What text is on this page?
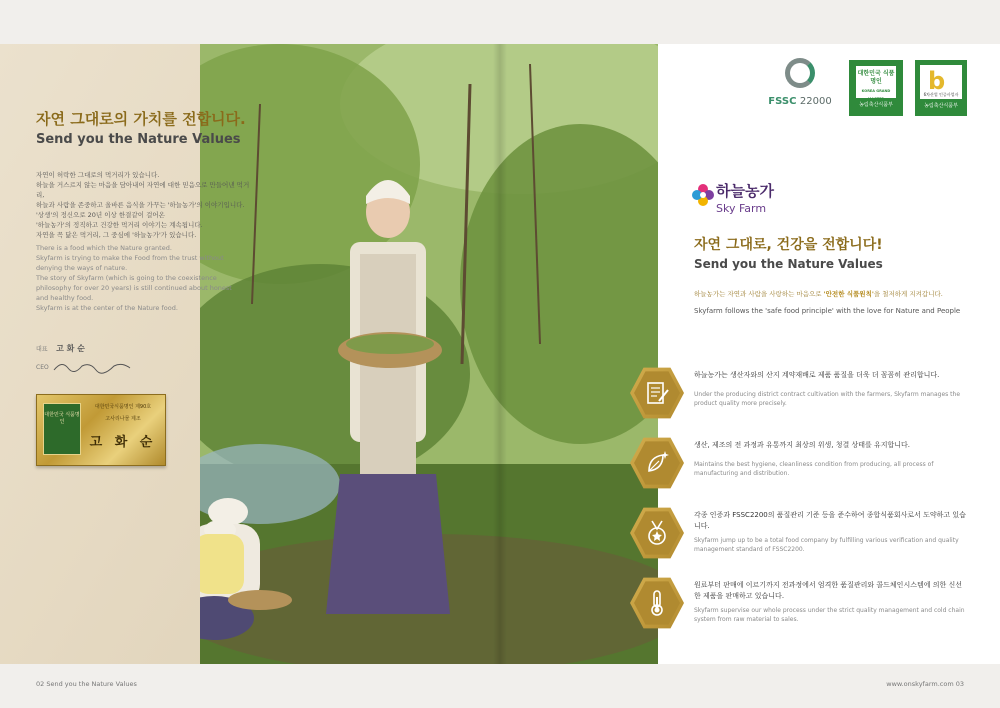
자연 그대로의 가치를 전합니다.
Send you the Nature Values
자연이 허락한 그대로의 먹거리가 있습니다.
하늘을 거스르지 않는 마음을 담아내어 자연에 대한 믿음으로 만들어낸 먹거리,
하늘과 사람을 존중하고 올바른 음식을 가꾸는 '하늘농가'의 이야기입니다.
'상생'의 정신으로 20년 이상 한결같이 걸어온
'하늘농가'의 정직하고 건강한 먹거리 이야기는 계속됩니다.
자연을 꼭 닮은 먹거리, 그 중심에 '하늘농가'가 있습니다.
There is a food which the Nature granted.
Skyfarm is trying to make the Food from the trust without
denying the ways of nature.
The story of Skyfarm (which is going to the coexistence
philosophy for over 20 years) is still continued about honest
and healthy food.
Skyfarm is at the center of the Nature food.
대표 고 화 순
CEO
대한민국 식품명인
대한민국식품명인 제90호
고사리나물 제조
고 화 순
02 Send you the Nature Values
FSSC 22000
대한민국 식품명인
KOREA GRAND MASTER
농림축산식품부
b
6차산업 인증사업자
농림축산식품부
하늘농가
Sky Farm
자연 그대로, 건강을 전합니다!
Send you the Nature Values
하늘농가는 자연과 사람을 사랑하는 마음으로 '안전한 식품원칙'을 철저하게 지켜갑니다.
Skyfarm follows the 'safe food principle' with the love for Nature and People
하늘농가는 생산자와의 산지 계약재배로 제품 품질을 더욱 더 꼼꼼히 관리합니다.
Under the producing district contract cultivation with the farmers, Skyfarm manages the product quality more precisely.
생산, 제조의 전 과정과 유통까지 최상의 위생, 청결 상태를 유지합니다.
Maintains the best hygiene, cleanliness condition from producing, all process of manufacturing and distribution.
각종 인증과 FSSC2200의 품질관리 기준 등을 준수하여 종합식품회사로서 도약하고 있습니다.
Skyfarm jump up to be a total food company by fulfilling various verification and quality management standard of FSSC2200.
원료부터 판매에 이르기까지 전과정에서 엄격한 품질관리와 콜드체인시스템에 의한 신선한 제품을 판매하고 있습니다.
Skyfarm supervise our whole process under the strict quality management and cold chain system from raw material to sales.
www.onskyfarm.com 03
